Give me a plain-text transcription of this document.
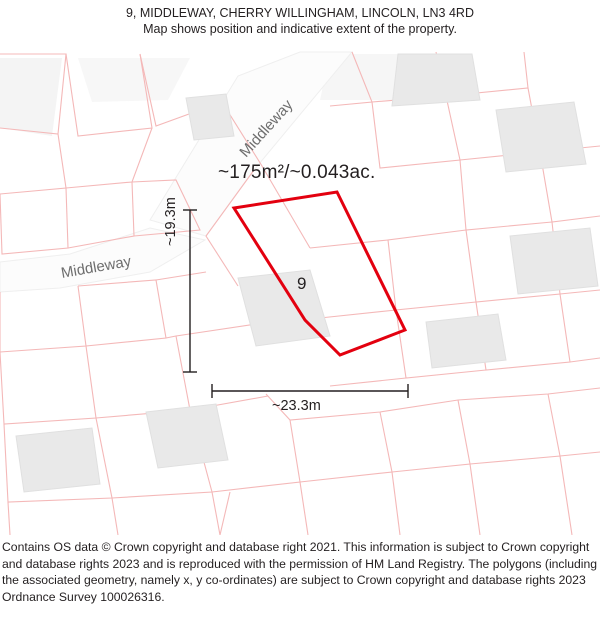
9, MIDDLEWAY, CHERRY WILLINGHAM, LINCOLN, LN3 4RD
Map shows position and indicative extent of the property.
Middleway
Middleway
~175m²/~0.043ac.
9
~23.3m
~19.3m

Contains OS data © Crown copyright and database right 2021. This information is subject to Crown copyright and database rights 2023 and is reproduced with the permission of HM Land Registry. The polygons (including the associated geometry, namely x, y co-ordinates) are subject to Crown copyright and database rights 2023 Ordnance Survey 100026316.
